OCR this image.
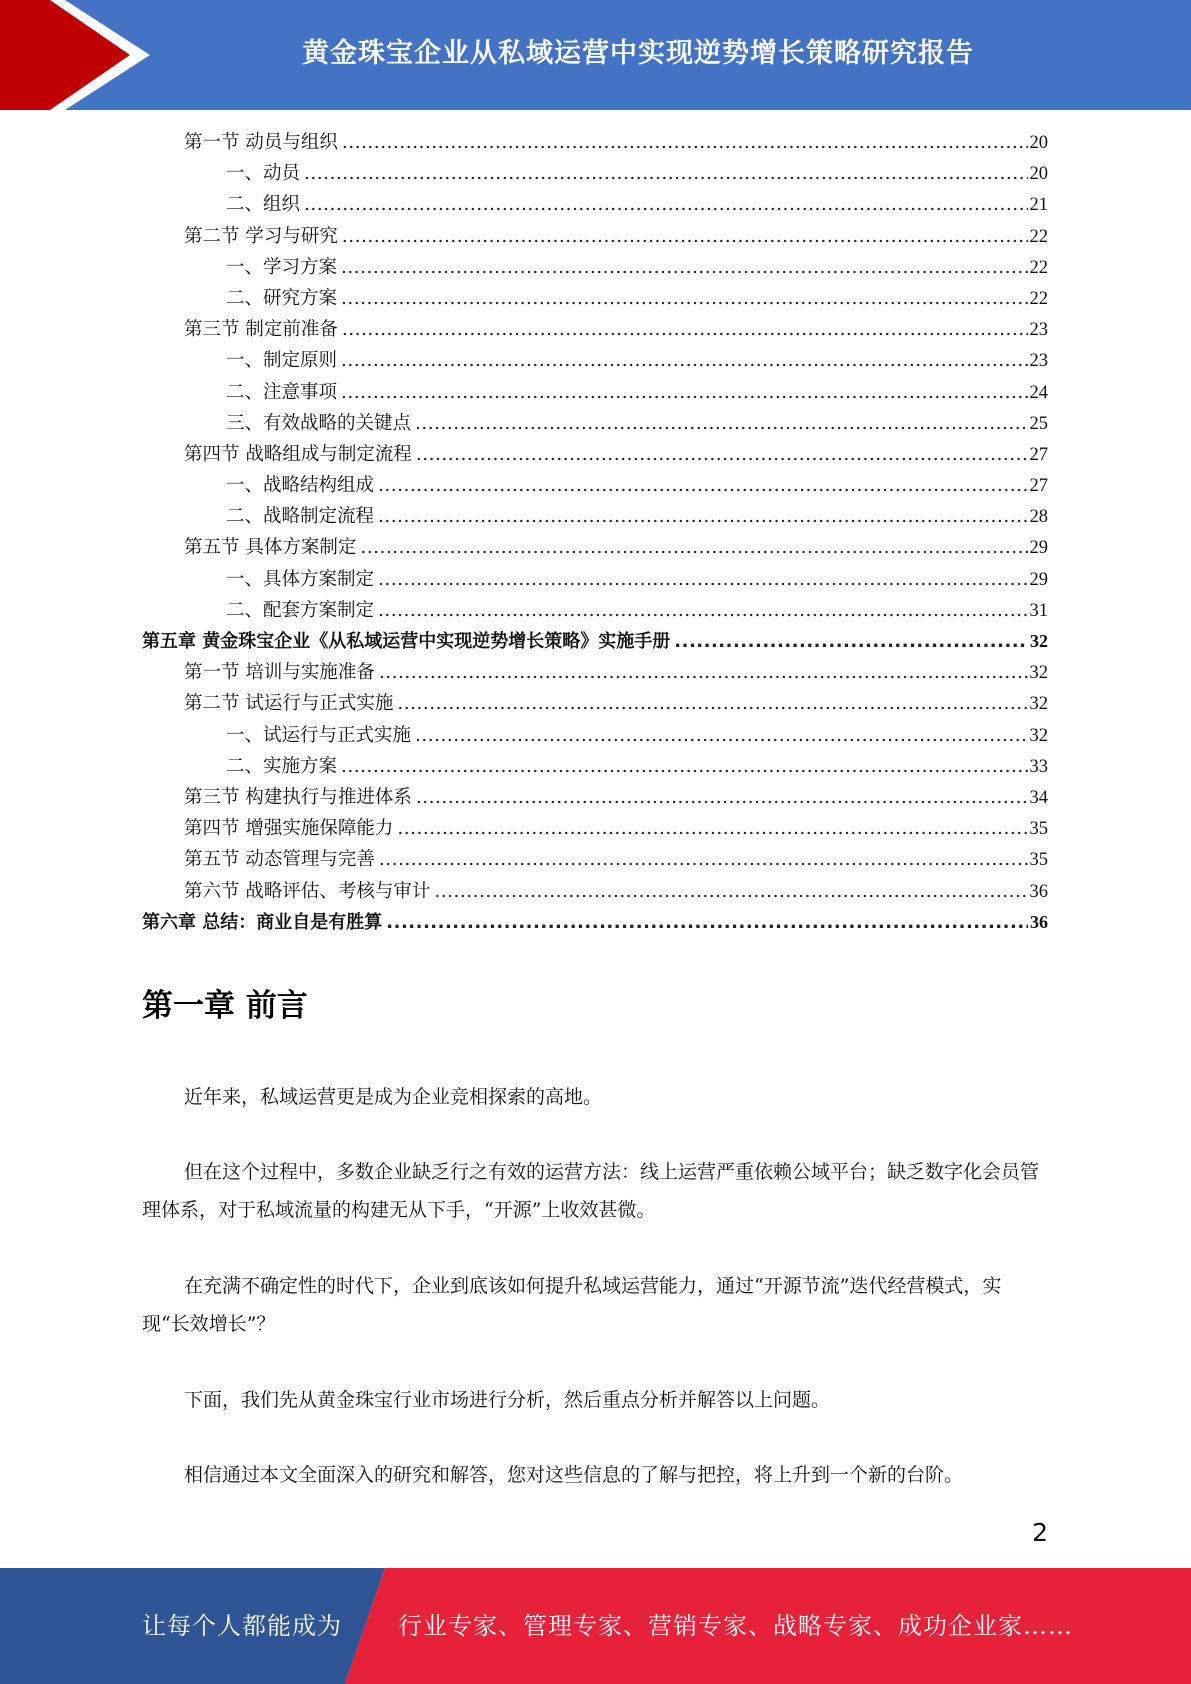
黄金珠宝企业从私域运营中实现逆势增长策略研究报告
第一节 动员与组织 .....	20
一、动员 .....	20
二、组织 .....	21
第二节 学习与研究 .....	22
一、学习方案 .....	22
二、研究方案 .....	22
第三节 制定前准备 .....	23
一、制定原则 .....	23
二、注意事项 .....	24
三、有效战略的关键点 .....	25
第四节 战略组成与制定流程 .....	27
一、战略结构组成 .....	27
二、战略制定流程 .....	28
第五节 具体方案制定 .....	29
一、具体方案制定 .....	29
二、配套方案制定 .....	31
第五章 黄金珠宝企业《从私域运营中实现逆势增长策略》实施手册 .....	32
第一节 培训与实施准备 .....	32
第二节 试运行与正式实施 .....	32
一、试运行与正式实施 .....	32
二、实施方案 .....	33
第三节 构建执行与推进体系 .....	34
第四节 增强实施保障能力 .....	35
第五节 动态管理与完善 .....	35
第六节 战略评估、考核与审计 .....	36
第六章 总结：商业自是有胜算 .....	36
第一章 前言
近年来，私域运营更是成为企业竞相探索的高地。
但在这个过程中，多数企业缺乏行之有效的运营方法：线上运营严重依赖公域平台；缺乏数字化会员管理体系，对于私域流量的构建无从下手，“开源”上收效甚微。
在充满不确定性的时代下，企业到底该如何提升私域运营能力，通过“开源节流”迭代经营模式，实现“长效增长”？
下面，我们先从黄金珠宝行业市场进行分析，然后重点分析并解答以上问题。
相信通过本文全面深入的研究和解答，您对这些信息的了解与把控，将上升到一个新的台阶。
2
让每个人都能成为 行业专家、管理专家、营销专家、战略专家、成功企业家……
